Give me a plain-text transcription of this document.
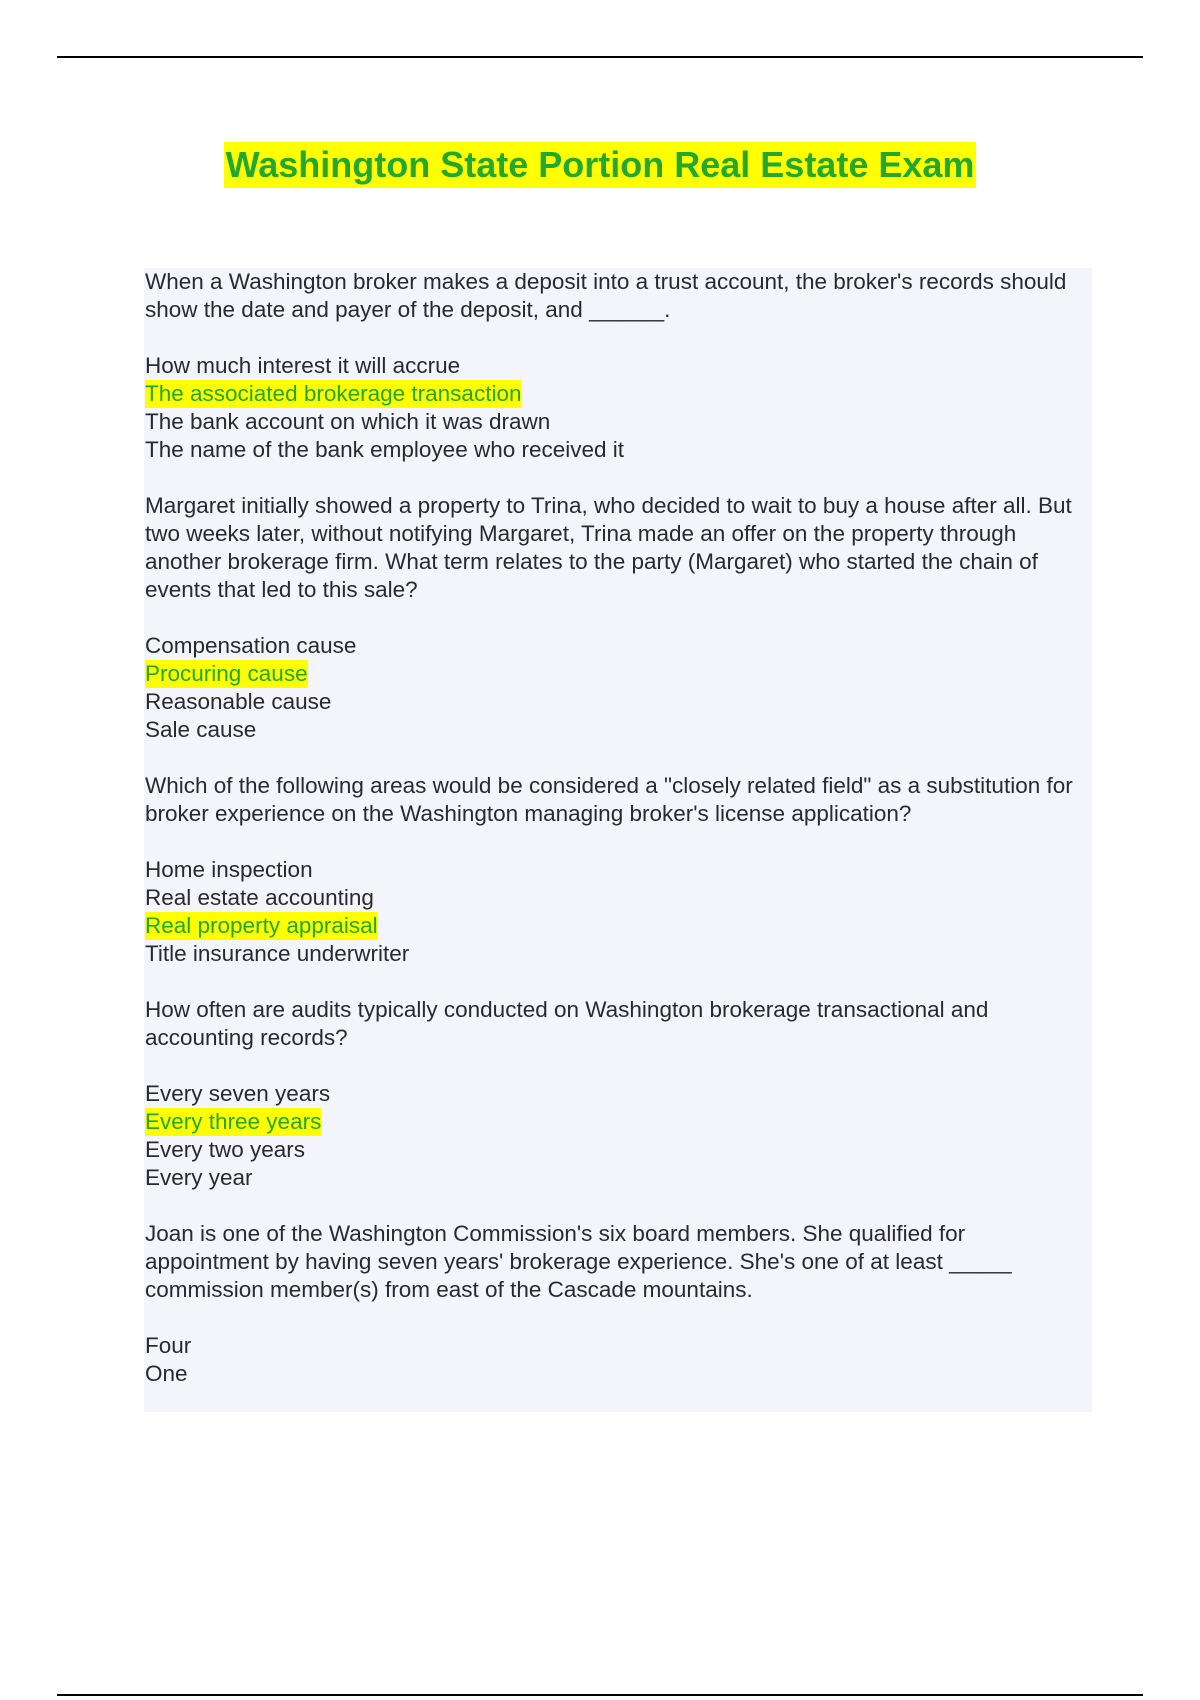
Washington State Portion Real Estate Exam
When a Washington broker makes a deposit into a trust account, the broker's records should show the date and payer of the deposit, and ______.
How much interest it will accrue
The associated brokerage transaction
The bank account on which it was drawn
The name of the bank employee who received it
Margaret initially showed a property to Trina, who decided to wait to buy a house after all. But two weeks later, without notifying Margaret, Trina made an offer on the property through another brokerage firm. What term relates to the party (Margaret) who started the chain of events that led to this sale?
Compensation cause
Procuring cause
Reasonable cause
Sale cause
Which of the following areas would be considered a "closely related field" as a substitution for broker experience on the Washington managing broker's license application?
Home inspection
Real estate accounting
Real property appraisal
Title insurance underwriter
How often are audits typically conducted on Washington brokerage transactional and accounting records?
Every seven years
Every three years
Every two years
Every year
Joan is one of the Washington Commission's six board members. She qualified for appointment by having seven years' brokerage experience. She's one of at least _____ commission member(s) from east of the Cascade mountains.
Four
One
